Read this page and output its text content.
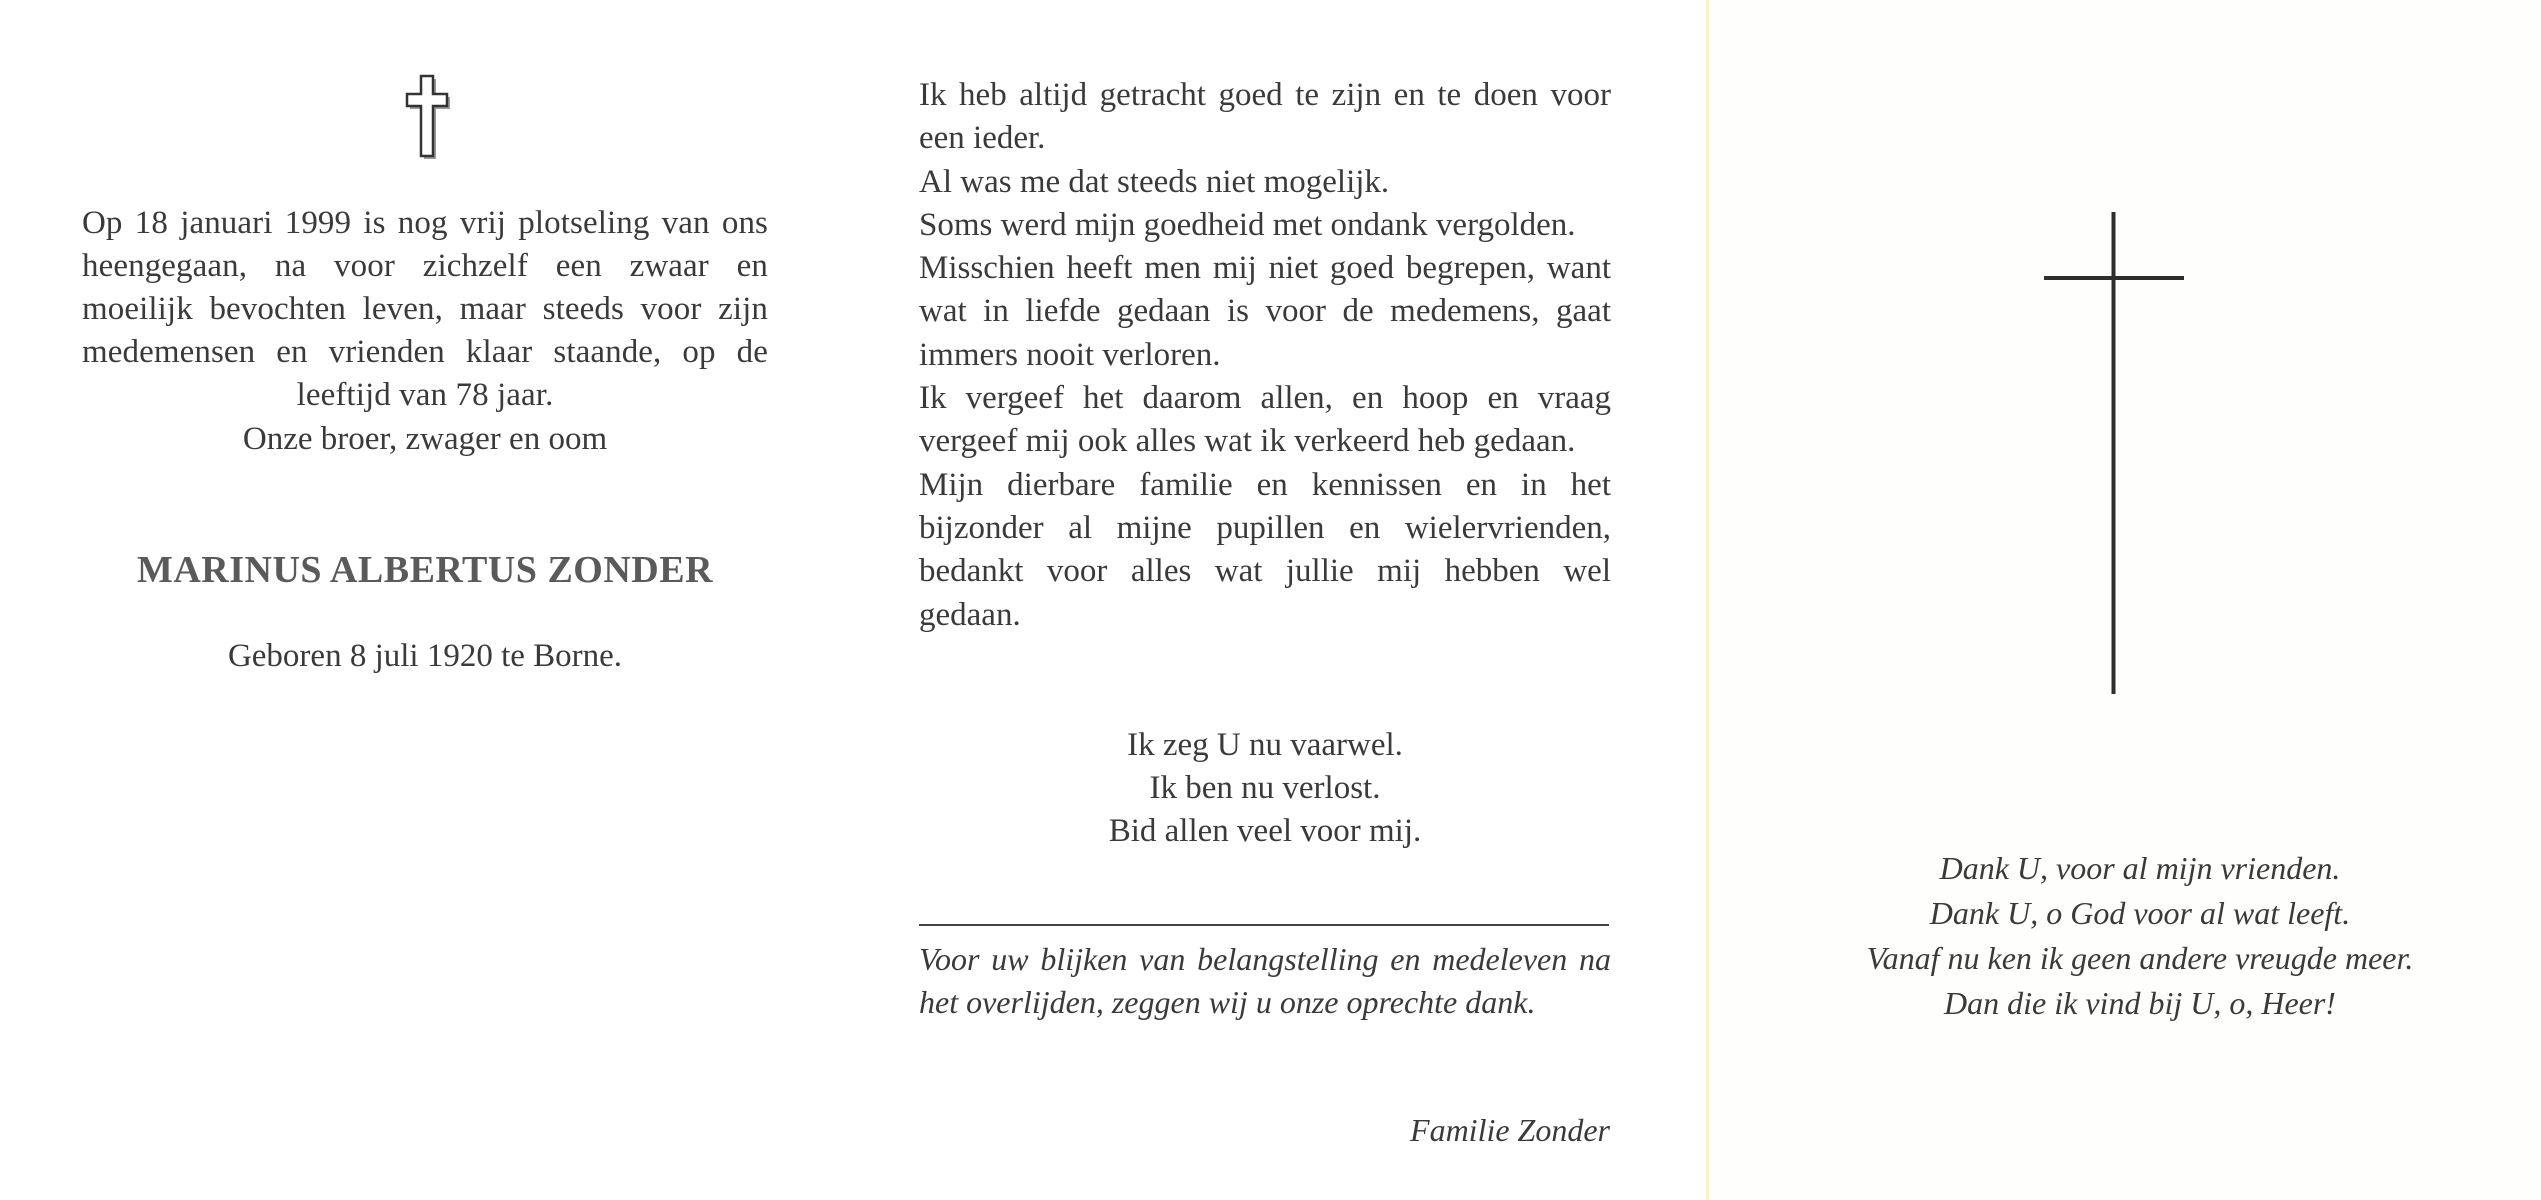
Op 18 januari 1999 is nog vrij plotseling van ons heengegaan, na voor zichzelf een zwaar en moeilijk bevochten leven, maar steeds voor zijn medemensen en vrienden klaar staande, op de leeftijd van 78 jaar.
Onze broer, zwager en oom
MARINUS ALBERTUS ZONDER
Geboren 8 juli 1920 te Borne.

Ik heb altijd getracht goed te zijn en te doen voor een ieder.

Al was me dat steeds niet mogelijk.

Soms werd mijn goedheid met ondank vergolden.

Misschien heeft men mij niet goed begrepen, want wat in liefde gedaan is voor de medemens, gaat immers nooit verloren.

Ik vergeef het daarom allen, en hoop en vraag vergeef mij ook alles wat ik verkeerd heb gedaan.

Mijn dierbare familie en kennissen en in het bijzonder al mijne pupillen en wielervrienden, bedankt voor alles wat jullie mij hebben wel gedaan.

Ik zeg U nu vaarwel.
Ik ben nu verlost.
Bid allen veel voor mij.
Voor uw blijken van belangstelling en medeleven na het overlijden, zeggen wij u onze oprechte dank.
Familie Zonder
Dank U, voor al mijn vrienden.
Dank U, o God voor al wat leeft.
Vanaf nu ken ik geen andere vreugde meer.
Dan die ik vind bij U, o, Heer!
